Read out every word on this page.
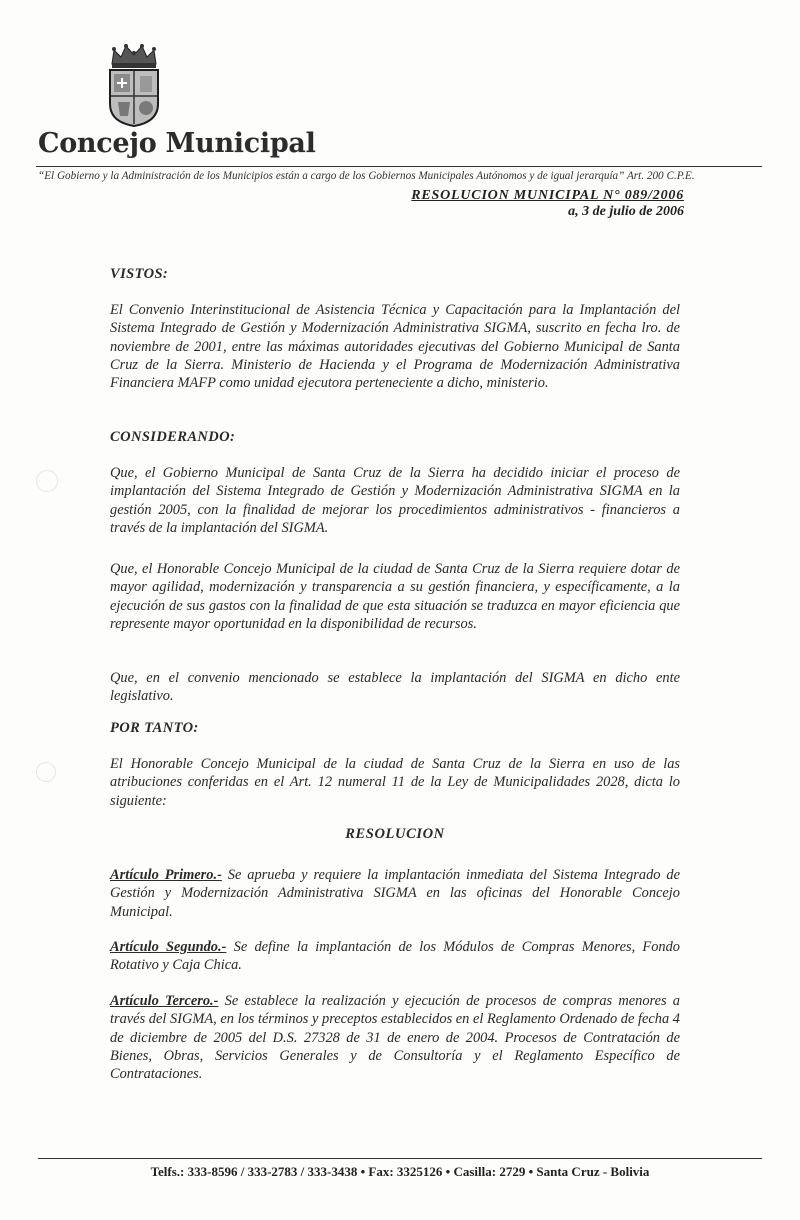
Concejo Municipal
“El Gobierno y la Administración de los Municipios están a cargo de los Gobiernos Municipales Autónomos y de igual jerarquía” Art. 200 C.P.E.
RESOLUCION MUNICIPAL N° 089/2006
a, 3 de julio de 2006

VISTOS:

El Convenio Interinstitucional de Asistencia Técnica y Capacitación para la Implantación del Sistema Integrado de Gestión y Modernización Administrativa SIGMA, suscrito en fecha lro. de noviembre de 2001, entre las máximas autoridades ejecutivas del Gobierno Municipal de Santa Cruz de la Sierra. Ministerio de Hacienda y el Programa de Modernización Administrativa Financiera MAFP como unidad ejecutora perteneciente a dicho, ministerio.

CONSIDERANDO:

Que, el Gobierno Municipal de Santa Cruz de la Sierra ha decidido iniciar el proceso de implantación del Sistema Integrado de Gestión y Modernización Administrativa SIGMA en la gestión 2005, con la finalidad de mejorar los procedimientos administrativos - financieros a través de la implantación del SIGMA.

Que, el Honorable Concejo Municipal de la ciudad de Santa Cruz de la Sierra requiere dotar de mayor agilidad, modernización y transparencia a su gestión financiera, y específicamente, a la ejecución de sus gastos con la finalidad de que esta situación se traduzca en mayor eficiencia que represente mayor oportunidad en la disponibilidad de recursos.

Que, en el convenio mencionado se establece la implantación del SIGMA en dicho ente legislativo.

POR TANTO:

El Honorable Concejo Municipal de la ciudad de Santa Cruz de la Sierra en uso de las atribuciones conferidas en el Art. 12 numeral 11 de la Ley de Municipalidades 2028, dicta lo siguiente:

RESOLUCION

Artículo Primero.- Se aprueba y requiere la implantación inmediata del Sistema Integrado de Gestión y Modernización Administrativa SIGMA en las oficinas del Honorable Concejo Municipal.

Artículo Segundo.- Se define la implantación de los Módulos de Compras Menores, Fondo Rotativo y Caja Chica.

Artículo Tercero.- Se establece la realización y ejecución de procesos de compras menores a través del SIGMA, en los términos y preceptos establecidos en el Reglamento Ordenado de fecha 4 de diciembre de 2005 del D.S. 27328 de 31 de enero de 2004. Procesos de Contratación de Bienes, Obras, Servicios Generales y de Consultoría y el Reglamento Específico de Contrataciones.

Telfs.: 333-8596 / 333-2783 / 333-3438 • Fax: 3325126 • Casilla: 2729 • Santa Cruz - Bolivia
